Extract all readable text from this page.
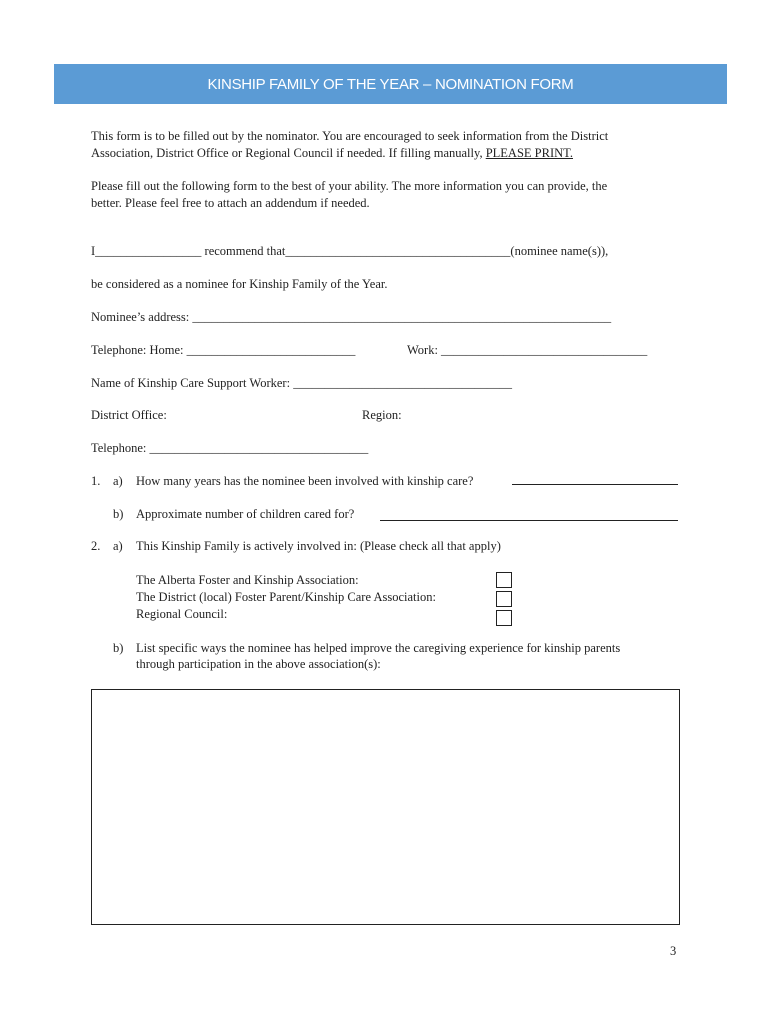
KINSHIP FAMILY OF THE YEAR – NOMINATION FORM
This form is to be filled out by the nominator. You are encouraged to seek information from the District
Association, District Office or Regional Council if needed. If filling manually, PLEASE PRINT.
Please fill out the following form to the best of your ability. The more information you can provide, the
better. Please feel free to attach an addendum if needed.
I_________________ recommend that____________________________________(nominee name(s)),
be considered as a nominee for Kinship Family of the Year.
Nominee’s address: ___________________________________________________________________
Telephone: Home: ___________________________	Work: _________________________________
Name of Kinship Care Support Worker: ___________________________________
District Office:	Region:
Telephone: ___________________________________
1. a) How many years has the nominee been involved with kinship care?
b) Approximate number of children cared for?
2. a) This Kinship Family is actively involved in: (Please check all that apply)
The Alberta Foster and Kinship Association:
The District (local) Foster Parent/Kinship Care Association:
Regional Council:
b) List specific ways the nominee has helped improve the caregiving experience for kinship parents
through participation in the above association(s):
3
